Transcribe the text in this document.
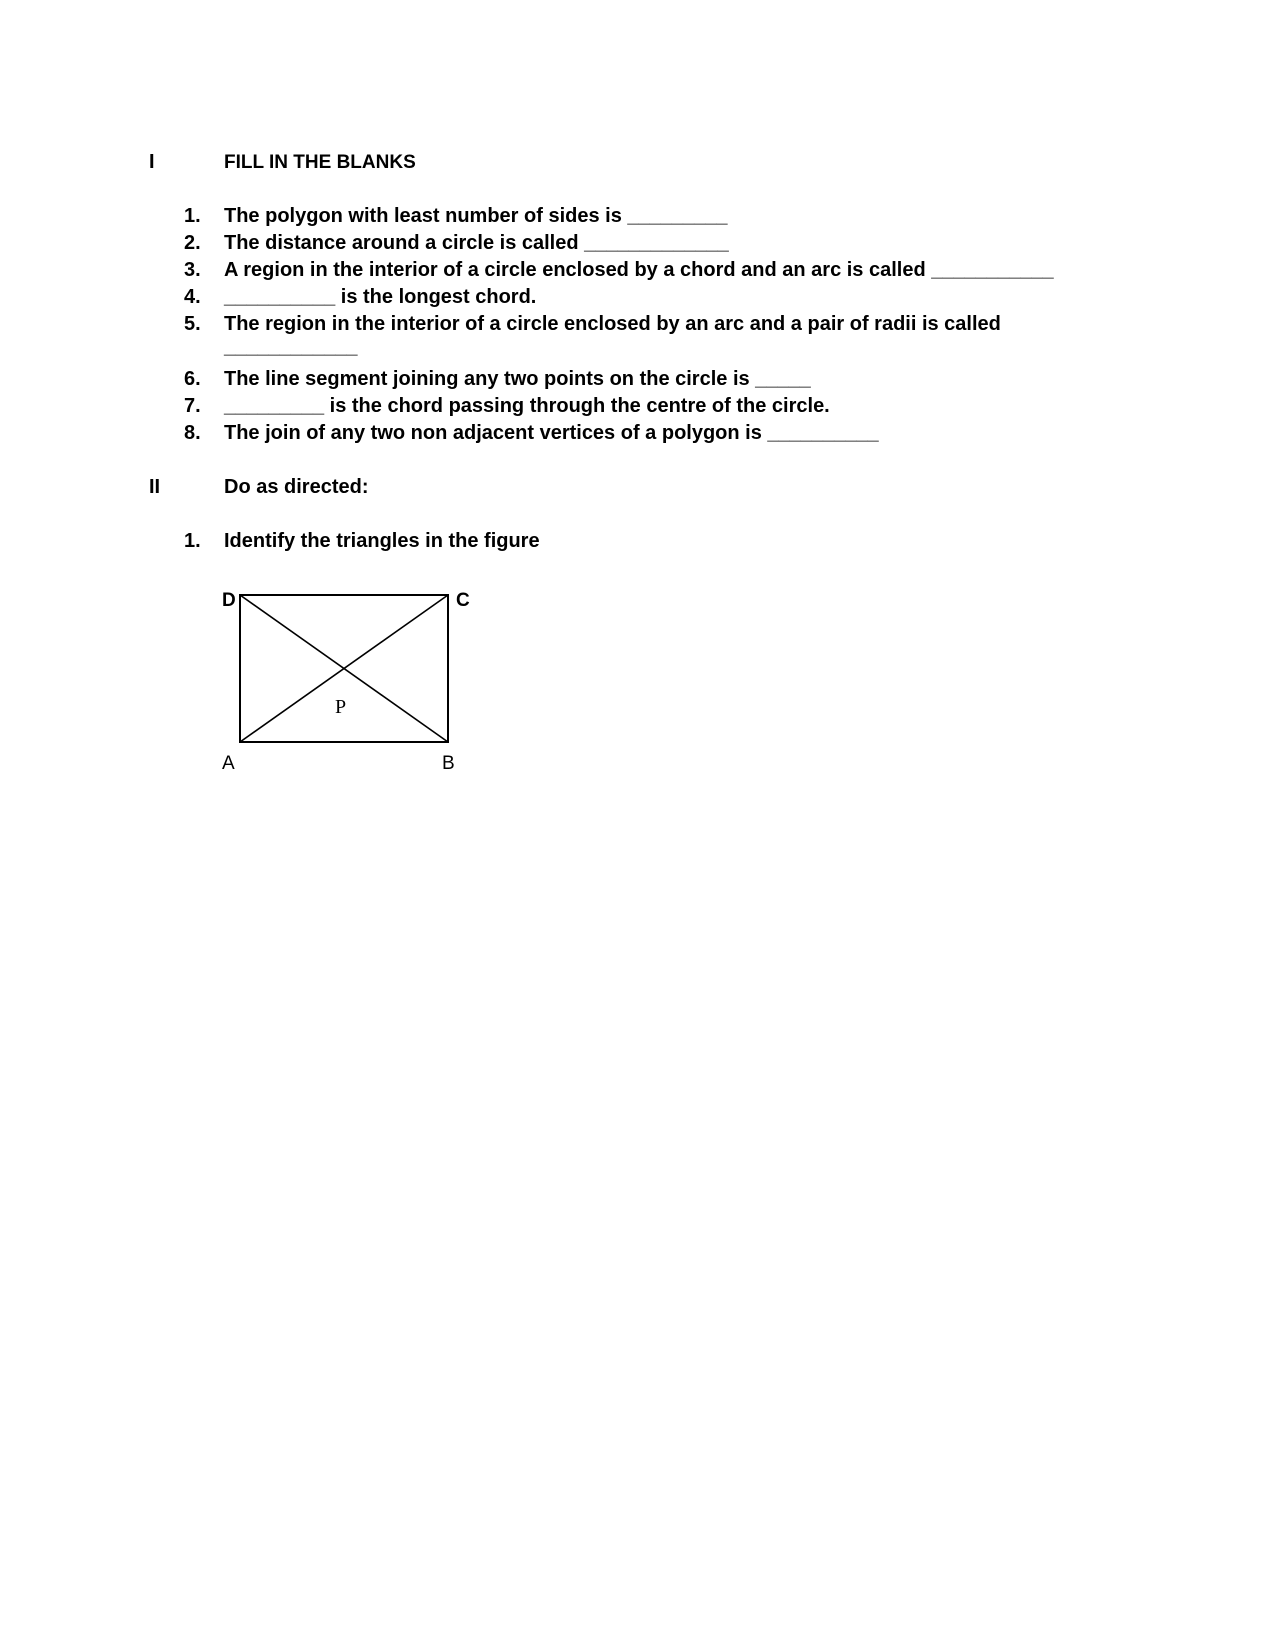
I	FILL IN THE BLANKS
1. The polygon with least number of sides is _________
2. The distance around a circle is called _____________
3. A region in the interior of a circle enclosed by a chord and an arc is called ___________
4. __________ is the longest chord.
5. The region in the interior of a circle enclosed by an arc and a pair of radii is called
____________
6. The line segment joining any two points on the circle is _____
7. _________ is the chord passing through the centre of the circle.
8. The join of any two non adjacent vertices of a polygon is __________
II	Do as directed:
1. Identify the triangles in the figure
D	C
A	B
P
